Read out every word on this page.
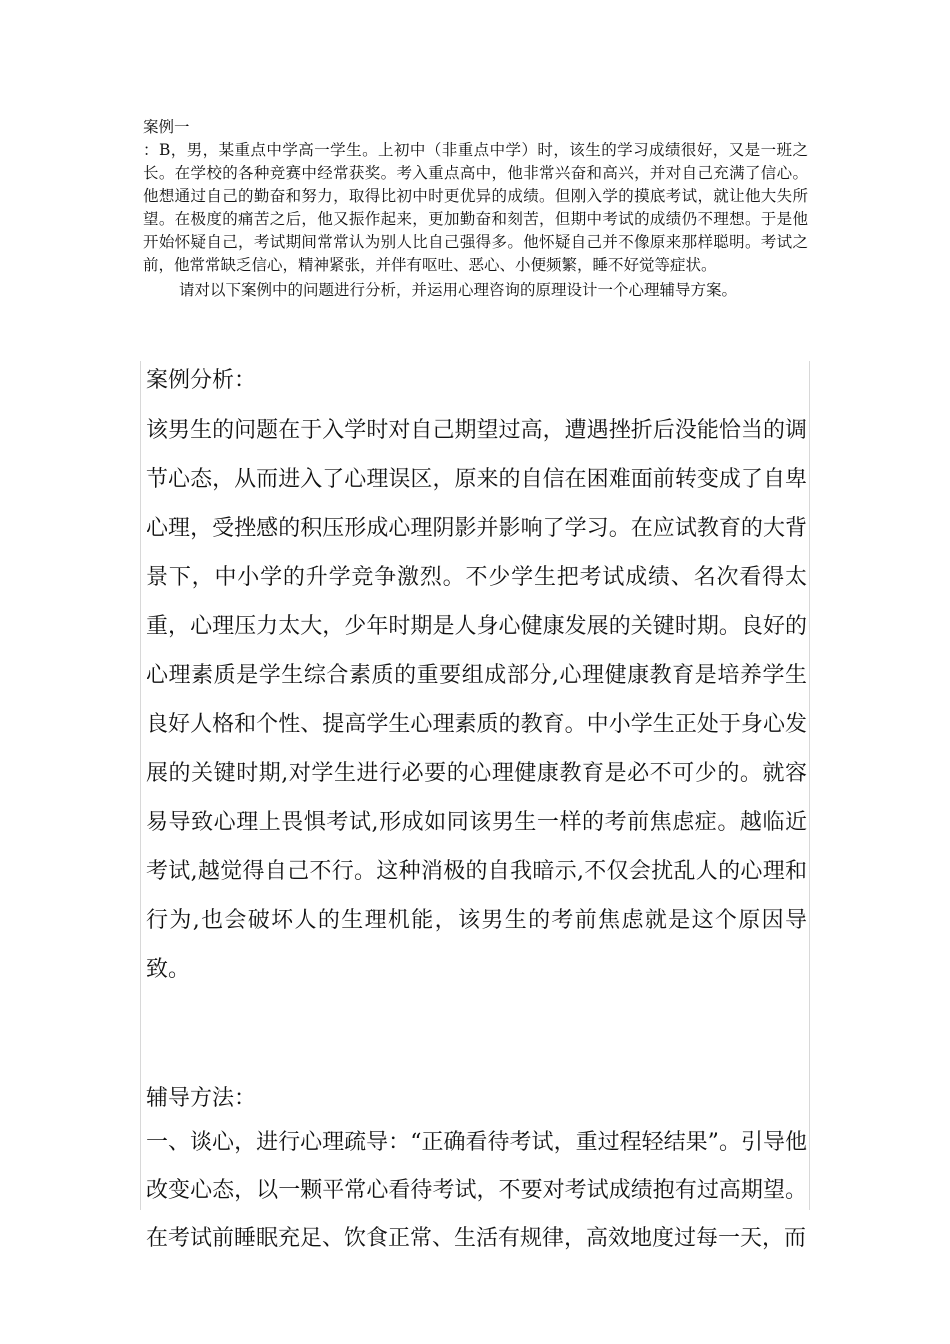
案例一

：B，男，某重点中学高一学生。上初中（非重点中学）时，该生的学习成绩很好，又是一班之长。在学校的各种竞赛中经常获奖。考入重点高中，他非常兴奋和高兴，并对自己充满了信心。他想通过自己的勤奋和努力，取得比初中时更优异的成绩。但刚入学的摸底考试，就让他大失所望。在极度的痛苦之后，他又振作起来，更加勤奋和刻苦，但期中考试的成绩仍不理想。于是他开始怀疑自己，考试期间常常认为别人比自己强得多。他怀疑自己并不像原来那样聪明。考试之前，他常常缺乏信心，精神紧张，并伴有呕吐、恶心、小便频繁，睡不好觉等症状。

请对以下案例中的问题进行分析，并运用心理咨询的原理设计一个心理辅导方案。

案例分析：
该男生的问题在于入学时对自己期望过高，遭遇挫折后没能恰当的调节心态，从而进入了心理误区，原来的自信在困难面前转变成了自卑心理，受挫感的积压形成心理阴影并影响了学习。在应试教育的大背景下，中小学的升学竞争激烈。不少学生把考试成绩、名次看得太重，心理压力太大，少年时期是人身心健康发展的关键时期。良好的心理素质是学生综合素质的重要组成部分,心理健康教育是培养学生良好人格和个性、提高学生心理素质的教育。中小学生正处于身心发展的关键时期,对学生进行必要的心理健康教育是必不可少的。就容易导致心理上畏惧考试,形成如同该男生一样的考前焦虑症。越临近考试,越觉得自己不行。这种消极的自我暗示,不仅会扰乱人的心理和行为,也会破坏人的生理机能，该男生的考前焦虑就是这个原因导致。
辅导方法：
一、谈心，进行心理疏导：“正确看待考试，重过程轻结果”。引导他改变心态，以一颗平常心看待考试，不要对考试成绩抱有过高期望。在考试前睡眠充足、饮食正常、生活有规律，高效地度过每一天，而
